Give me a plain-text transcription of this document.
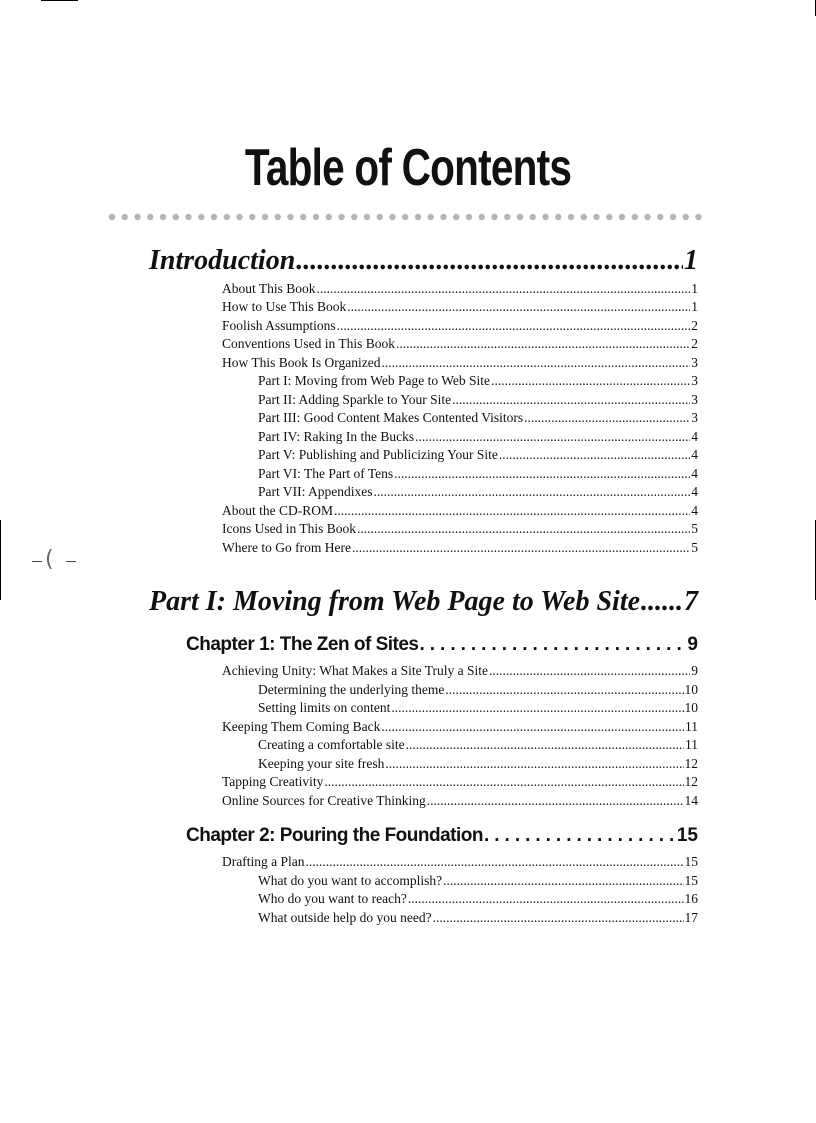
(
Table of Contents
Introduction .....	1
About This Book .....	1
How to Use This Book .....	1
Foolish Assumptions .....	2
Conventions Used in This Book .....	2
How This Book Is Organized .....	3
Part I: Moving from Web Page to Web Site .....	3
Part II: Adding Sparkle to Your Site .....	3
Part III: Good Content Makes Contented Visitors .....	3
Part IV: Raking In the Bucks .....	4
Part V: Publishing and Publicizing Your Site .....	4
Part VI: The Part of Tens .....	4
Part VII: Appendixes .....	4
About the CD-ROM .....	4
Icons Used in This Book .....	5
Where to Go from Here .....	5
Part I: Moving from Web Page to Web Site ..... 7
Chapter 1: The Zen of Sites .....	9
Achieving Unity: What Makes a Site Truly a Site .....	9
Determining the underlying theme .....	10
Setting limits on content .....	10
Keeping Them Coming Back .....	11
Creating a comfortable site .....	11
Keeping your site fresh .....	12
Tapping Creativity .....	12
Online Sources for Creative Thinking .....	14
Chapter 2: Pouring the Foundation .....	15
Drafting a Plan .....	15
What do you want to accomplish? .....	15
Who do you want to reach? .....	16
What outside help do you need? .....	17
